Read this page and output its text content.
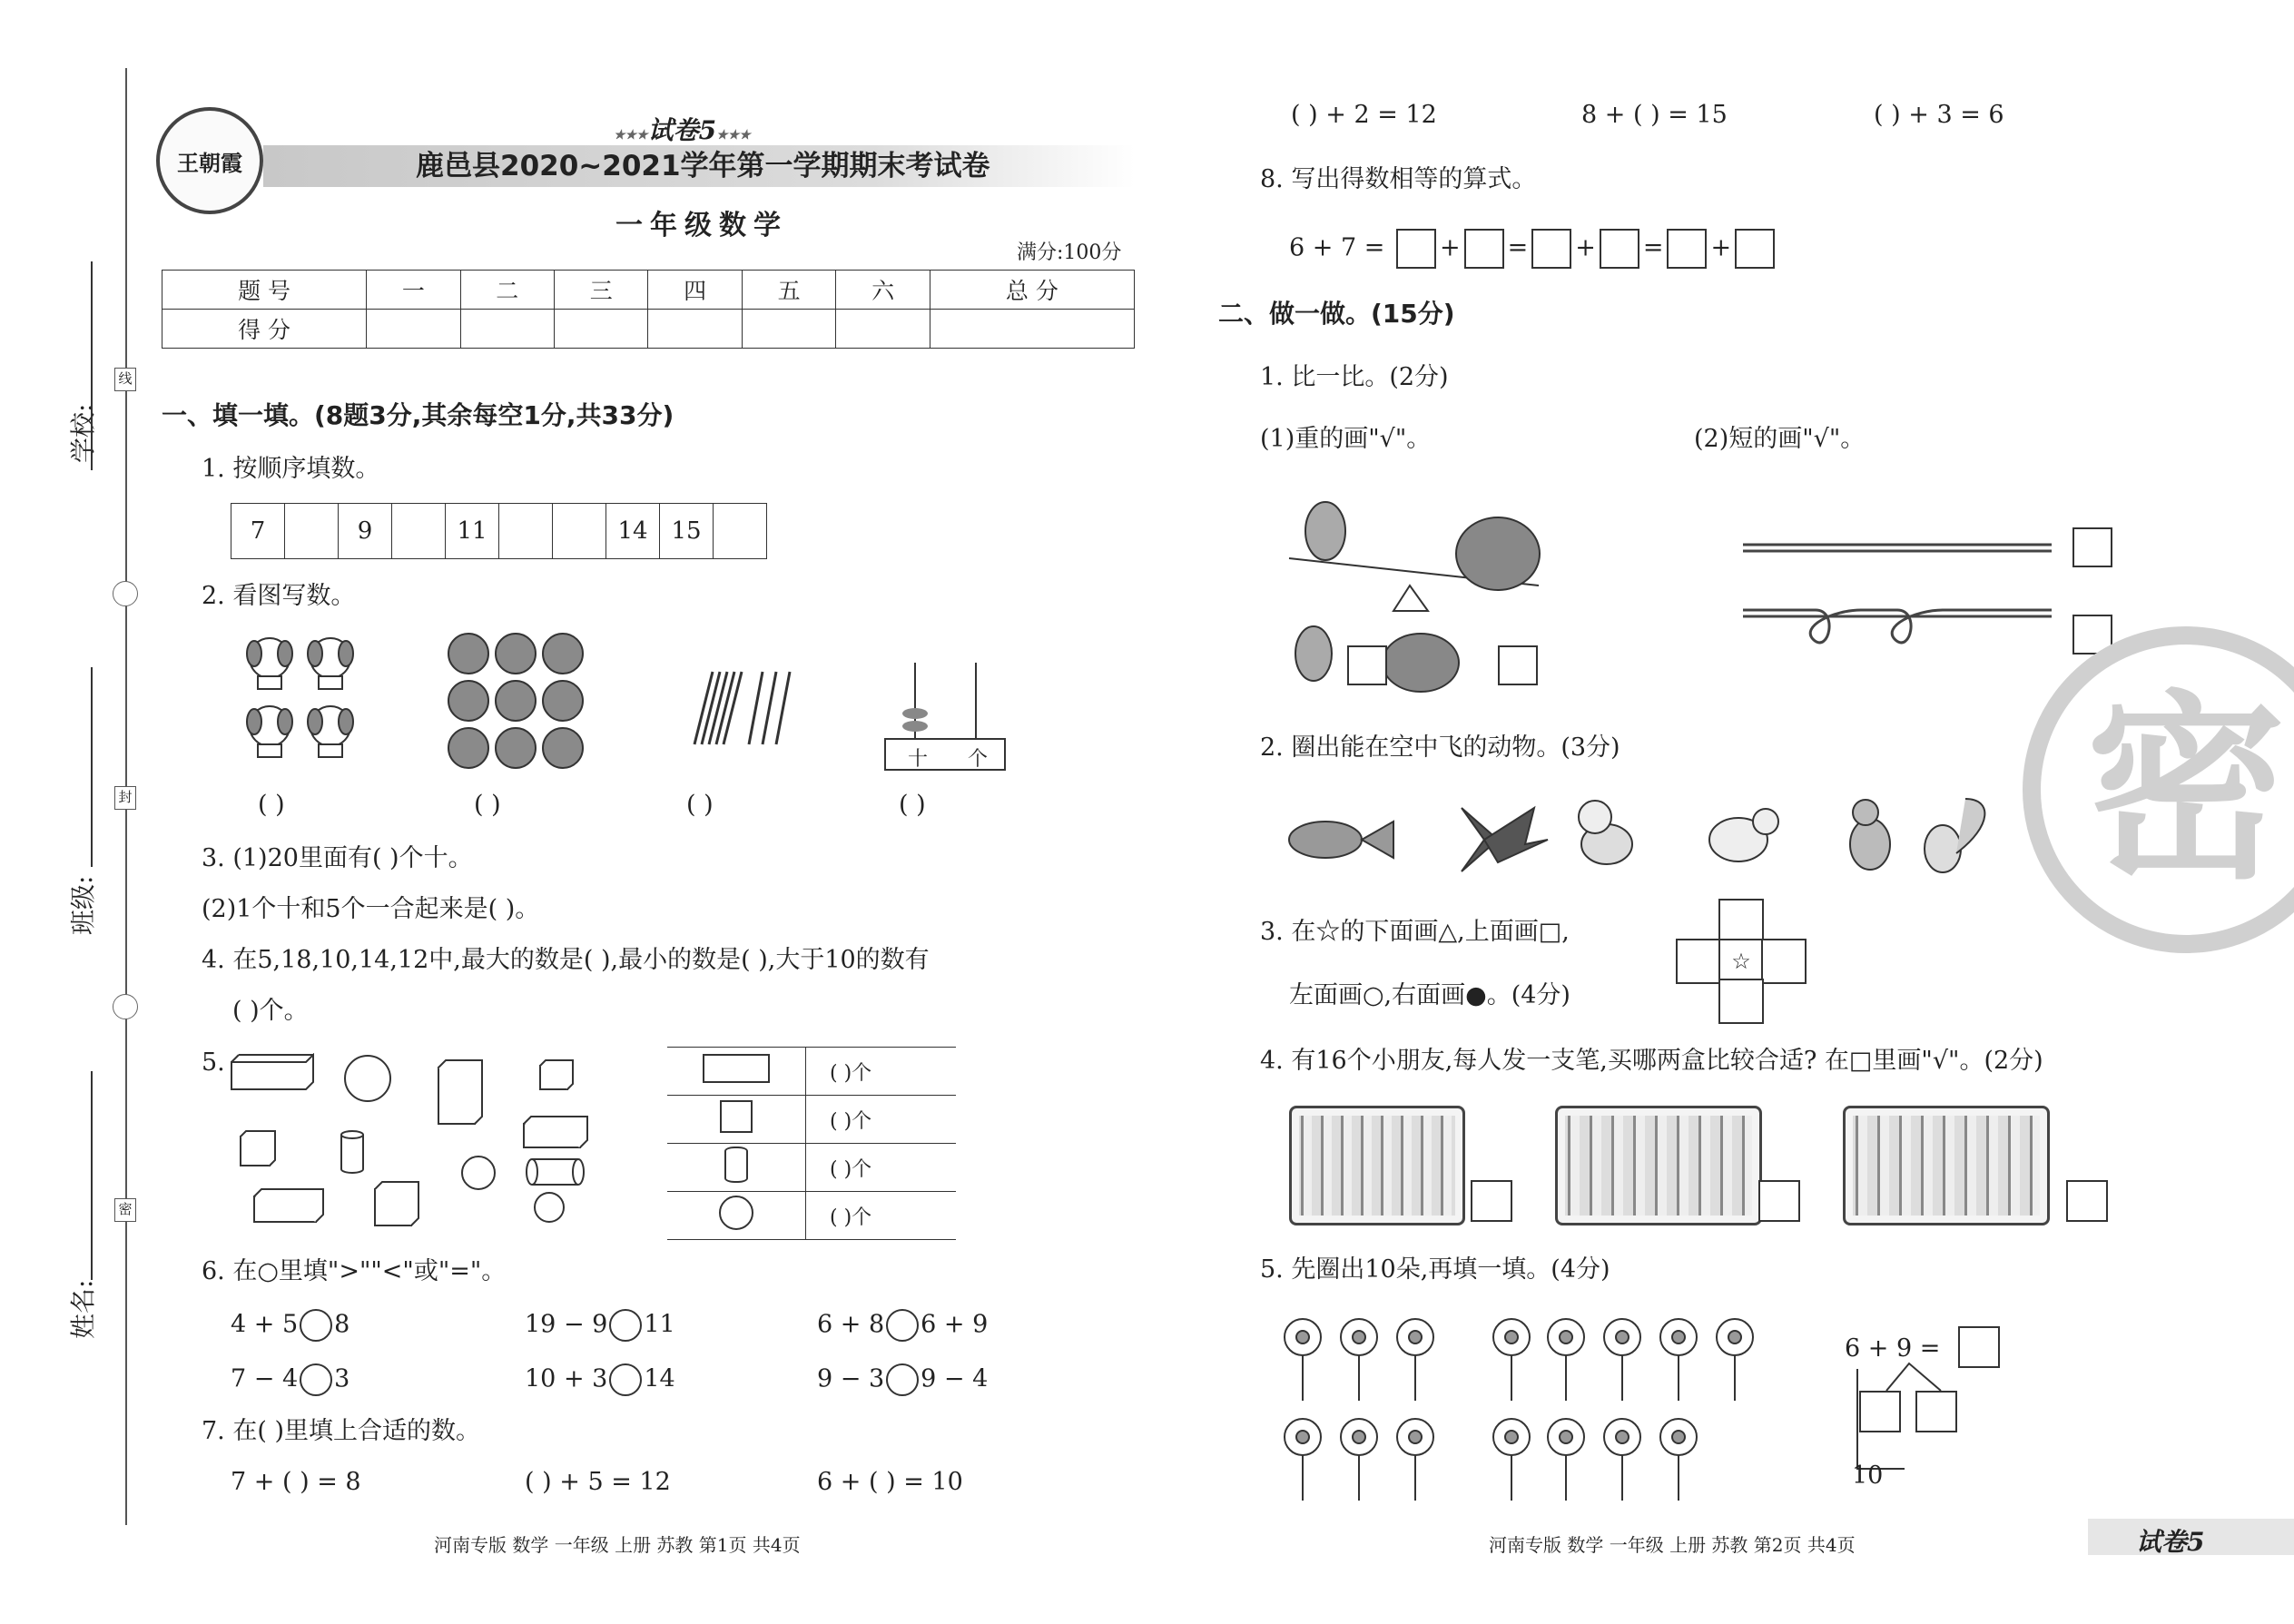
线
封
密
学校:
班级:
姓名:
王朝霞
★★★试卷5★★★
鹿邑县2020~2021学年第一学期期末考试卷
一年级数学
满分:100分
题 号	一	二	三	四	五	六	总 分
得 分							
一、填一填。(8题3分,其余每空1分,共33分)
1. 按顺序填数。
7		9		11			14	15	
2. 看图写数。
十 个
( )	( )	( )	( )
3. (1)20里面有( )个十。
(2)1个十和5个一合起来是( )。
4. 在5,18,10,14,12中,最大的数是( ),最小的数是( ),大于10的数有
( )个。
5.
		( )个
	( )个
	( )个
	( )个
6. 在○里填">""<"或"="。
4 + 5 8	19 − 9 11	6 + 8 6 + 9
7 − 4 3	10 + 3 14	9 − 3 9 − 4
7. 在( )里填上合适的数。
7 + ( ) = 8	( ) + 5 = 12	6 + ( ) = 10
河南专版 数学 一年级 上册 苏教 第1页 共4页
( ) + 2 = 12	8 + ( ) = 15	( ) + 3 = 6
8. 写出得数相等的算式。
6 + 7 = + = + = +
二、做一做。(15分)
1. 比一比。(2分)
(1)重的画"√"。	(2)短的画"√"。
2. 圈出能在空中飞的动物。(3分)
3. 在☆的下面画△,上面画□,
左面画○,右面画●。(4分)
☆
4. 有16个小朋友,每人发一支笔,买哪两盒比较合适? 在□里画"√"。(2分)
5. 先圈出10朵,再填一填。(4分)
6 + 9 =
10
密
河南专版 数学 一年级 上册 苏教 第2页 共4页	试卷5
